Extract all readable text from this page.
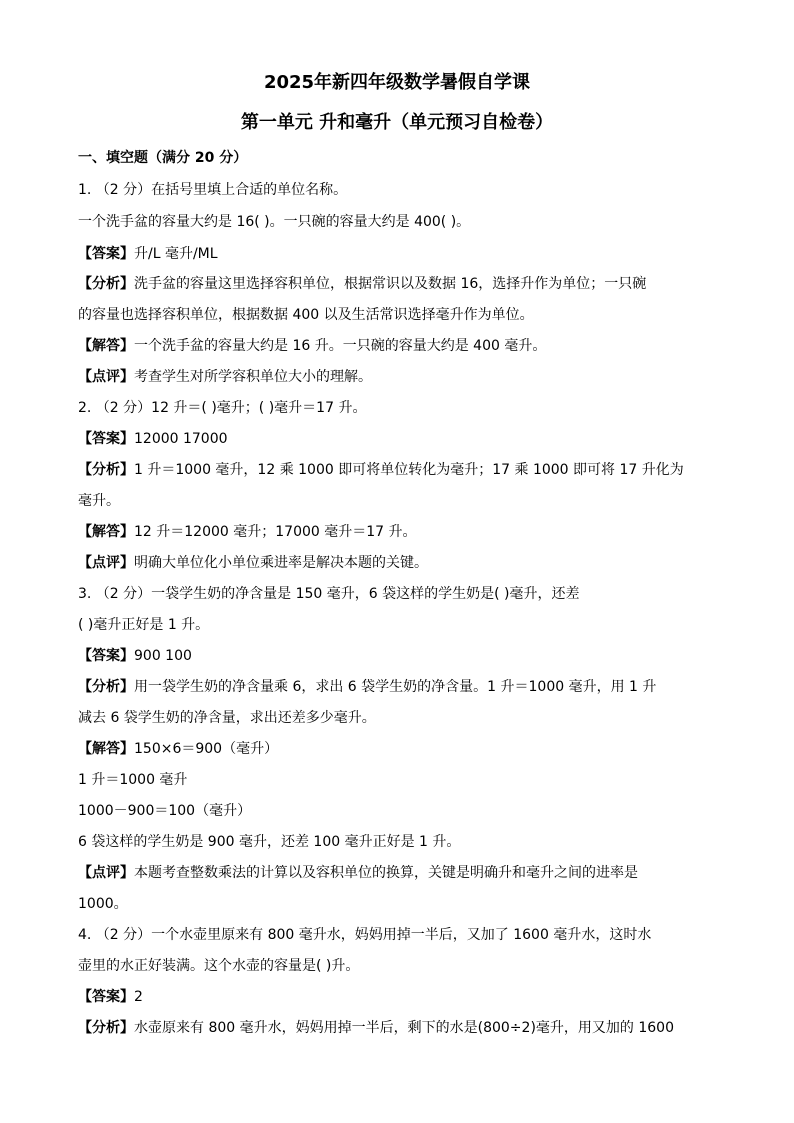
2025年新四年级数学暑假自学课
第一单元 升和毫升（单元预习自检卷）
一、填空题（满分 20 分）
1. （2 分）在括号里填上合适的单位名称。
一个洗手盆的容量大约是 16( )。一只碗的容量大约是 400( )。
【答案】升/L 毫升/ML
【分析】洗手盆的容量这里选择容积单位，根据常识以及数据 16，选择升作为单位；一只碗
的容量也选择容积单位，根据数据 400 以及生活常识选择毫升作为单位。
【解答】一个洗手盆的容量大约是 16 升。一只碗的容量大约是 400 毫升。
【点评】考查学生对所学容积单位大小的理解。
2. （2 分）12 升＝( )毫升；( )毫升＝17 升。
【答案】12000 17000
【分析】1 升＝1000 毫升，12 乘 1000 即可将单位转化为毫升；17 乘 1000 即可将 17 升化为
毫升。
【解答】12 升＝12000 毫升；17000 毫升＝17 升。
【点评】明确大单位化小单位乘进率是解决本题的关键。
3. （2 分）一袋学生奶的净含量是 150 毫升，6 袋这样的学生奶是( )毫升，还差
( )毫升正好是 1 升。
【答案】900 100
【分析】用一袋学生奶的净含量乘 6，求出 6 袋学生奶的净含量。1 升＝1000 毫升，用 1 升
减去 6 袋学生奶的净含量，求出还差多少毫升。
【解答】150×6＝900（毫升）
1 升＝1000 毫升
1000－900＝100（毫升）
6 袋这样的学生奶是 900 毫升，还差 100 毫升正好是 1 升。
【点评】本题考查整数乘法的计算以及容积单位的换算，关键是明确升和毫升之间的进率是
1000。
4. （2 分）一个水壶里原来有 800 毫升水，妈妈用掉一半后，又加了 1600 毫升水，这时水
壶里的水正好装满。这个水壶的容量是( )升。
【答案】2
【分析】水壶原来有 800 毫升水，妈妈用掉一半后，剩下的水是(800÷2)毫升，用又加的 1600
